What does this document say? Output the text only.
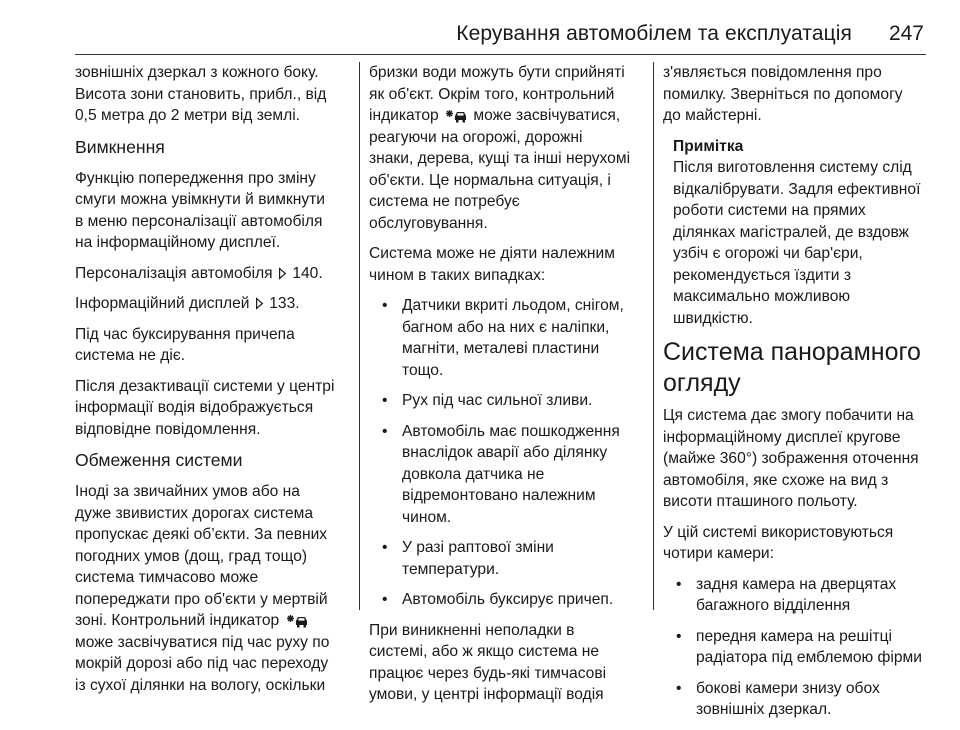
Керування автомобілем та експлуатація 247

зовнішніх дзеркал з кожного боку.
Висота зони становить, прибл., від
0,5 метра до 2 метри від землі.

Вимкнення

Функцію попередження про зміну
смуги можна увімкнути й вимкнути
в меню персоналізації автомобіля
на інформаційному дисплеї.

Персоналізація автомобіля 140.

Інформаційний дисплей 133.

Під час буксирування причепа
система не діє.

Після дезактивації системи у центрі
інформації водія відображується
відповідне повідомлення.

Обмеження системи

Іноді за звичайних умов або на
дуже звивистих дорогах система
пропускає деякі об’єкти. За певних
погодних умов (дощ, град тощо)
система тимчасово може
попереджати про об'єкти у мертвій
зоні. Контрольний індикатор
може засвічуватися під час руху по
мокрій дорозі або під час переходу
із сухої ділянки на вологу, оскільки

бризки води можуть бути сприйняті
як об'єкт. Окрім того, контрольний
індикатор може засвічуватися,
реагуючи на огорожі, дорожні
знаки, дерева, кущі та інші нерухомі
об'єкти. Це нормальна ситуація, і
система не потребує
обслуговування.

Система може не діяти належним
чином в таких випадках:

• Датчики вкриті льодом, снігом,
багном або на них є наліпки,
магніти, металеві пластини
тощо.
• Рух під час сильної зливи.
• Автомобіль має пошкодження
внаслідок аварії або ділянку
довкола датчика не
відремонтовано належним
чином.
• У разі раптової зміни
температури.
• Автомобіль буксирує причеп.

При виникненні неполадки в
системі, або ж якщо система не
працює через будь-які тимчасові
умови, у центрі інформації водія

з'являється повідомлення про
помилку. Зверніться по допомогу
до майстерні.

Примітка
Після виготовлення систему слід
відкалібрувати. Задля ефективної
роботи системи на прямих
ділянках магістралей, де вздовж
узбіч є огорожі чи бар'єри,
рекомендується їздити з
максимально можливою
швидкістю.
Система панорамного
огляду

Ця система дає змогу побачити на
інформаційному дисплеї кругове
(майже 360°) зображення оточення
автомобіля, яке схоже на вид з
висоти пташиного польоту.

У цій системі використовуються
чотири камери:

• задня камера на дверцятах
багажного відділення
• передня камера на решітці
радіатора під емблемою фірми
• бокові камери знизу обох
зовнішніх дзеркал.
